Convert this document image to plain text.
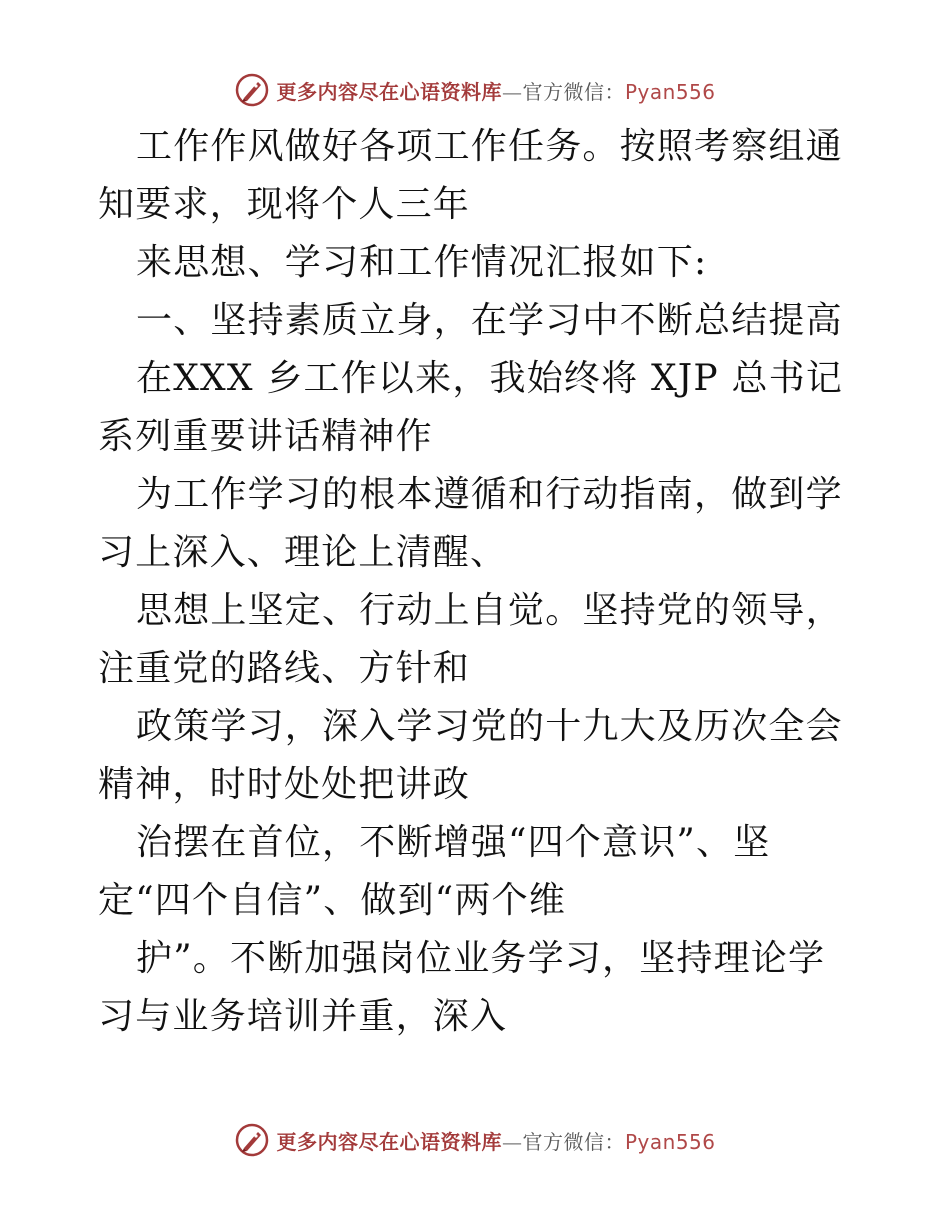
更多内容尽在心语资料库—官方微信：Pyan556

工作作风做好各项工作任务。按照考察组通知要求，现将个人三年

来思想、学习和工作情况汇报如下:

一、坚持素质立身，在学习中不断总结提高

在XXX 乡工作以来，我始终将 XJP 总书记系列重要讲话精神作

为工作学习的根本遵循和行动指南，做到学习上深入、理论上清醒、

思想上坚定、行动上自觉。坚持党的领导，注重党的路线、方针和

政策学习，深入学习党的十九大及历次全会精神，时时处处把讲政

治摆在首位，不断增强“四个意识”、坚定“四个自信”、做到“两个维

护”。不断加强岗位业务学习，坚持理论学习与业务培训并重，深入

更多内容尽在心语资料库—官方微信：Pyan556
